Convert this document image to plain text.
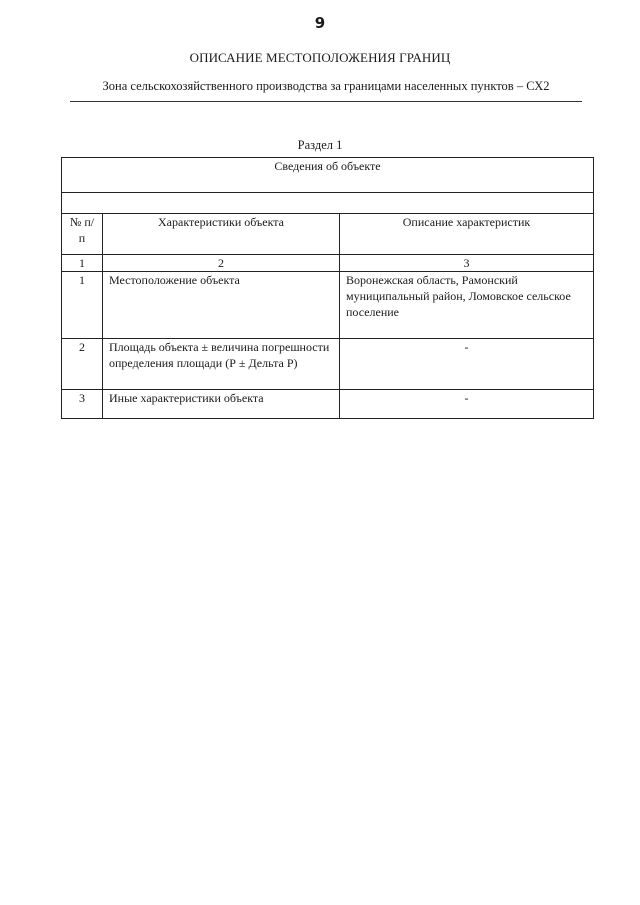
9
ОПИСАНИЕ МЕСТОПОЛОЖЕНИЯ ГРАНИЦ
Зона сельскохозяйственного производства за границами населенных пунктов – СХ2
Раздел 1
Сведения об объекте		

№ п/п	Характеристики объекта	Описание характеристик
1	2	3
1	Местоположение объекта	Воронежская область, Рамонский муниципальный район, Ломовское сельское поселение
2	Площадь объекта ± величина погрешности определения площади (Р ± Дельта Р)	-
3	Иные характеристики объекта	-
